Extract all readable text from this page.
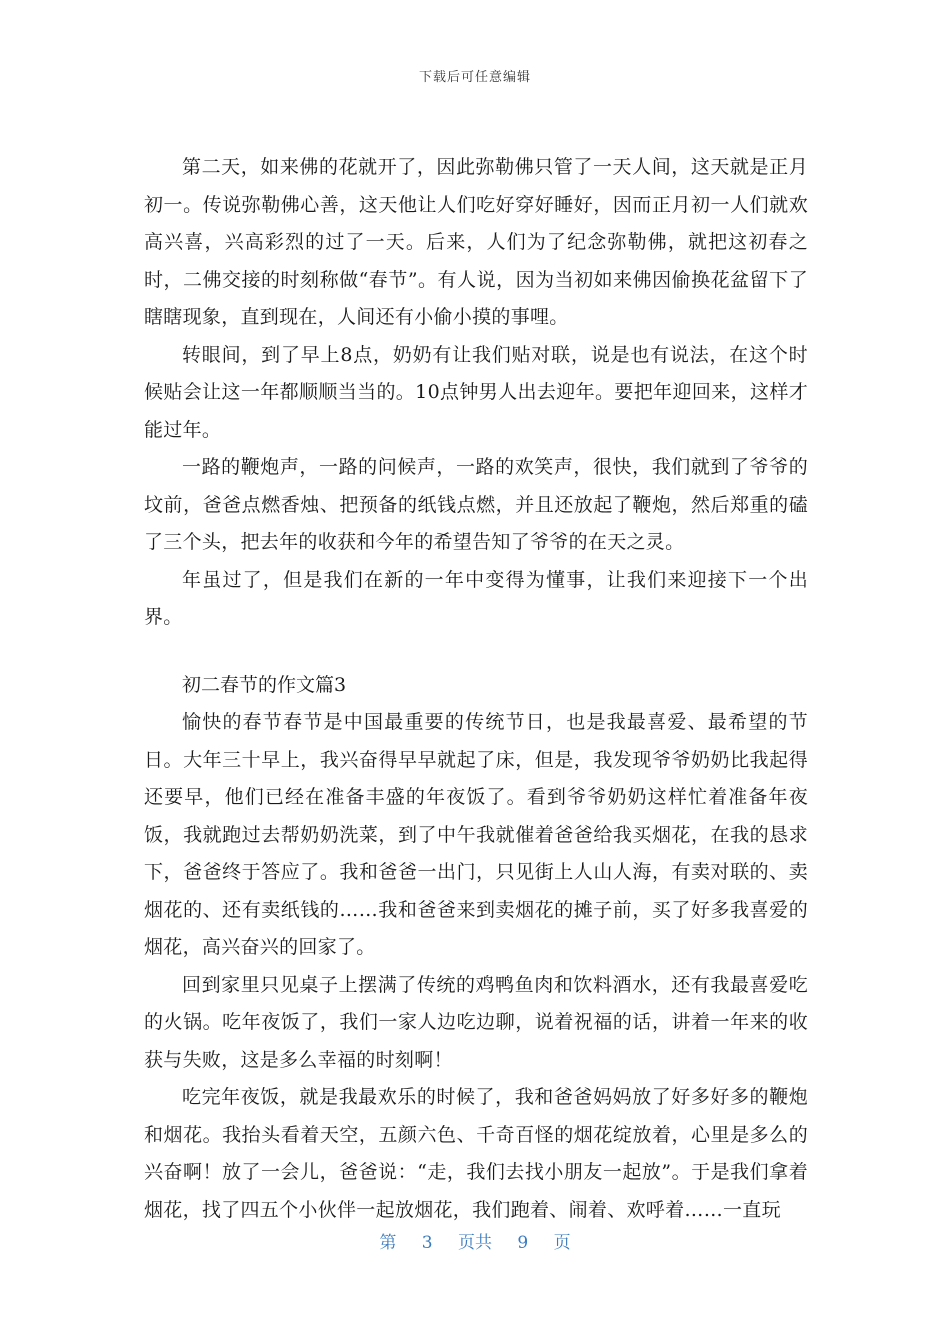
下载后可任意编辑

第二天，如来佛的花就开了，因此弥勒佛只管了一天人间，这天就是正月初一。传说弥勒佛心善，这天他让人们吃好穿好睡好，因而正月初一人们就欢高兴喜，兴高彩烈的过了一天。后来，人们为了纪念弥勒佛，就把这初春之时，二佛交接的时刻称做“春节”。有人说，因为当初如来佛因偷换花盆留下了瞎瞎现象，直到现在，人间还有小偷小摸的事哩。

转眼间，到了早上8点，奶奶有让我们贴对联，说是也有说法，在这个时候贴会让这一年都顺顺当当的。10点钟男人出去迎年。要把年迎回来，这样才能过年。

一路的鞭炮声，一路的问候声，一路的欢笑声，很快，我们就到了爷爷的坟前，爸爸点燃香烛、把预备的纸钱点燃，并且还放起了鞭炮，然后郑重的磕了三个头，把去年的收获和今年的希望告知了爷爷的在天之灵。

年虽过了，但是我们在新的一年中变得为懂事，让我们来迎接下一个出界。

初二春节的作文篇3

愉快的春节春节是中国最重要的传统节日，也是我最喜爱、最希望的节日。大年三十早上，我兴奋得早早就起了床，但是，我发现爷爷奶奶比我起得还要早，他们已经在准备丰盛的年夜饭了。看到爷爷奶奶这样忙着准备年夜饭，我就跑过去帮奶奶洗菜，到了中午我就催着爸爸给我买烟花，在我的恳求下，爸爸终于答应了。我和爸爸一出门，只见街上人山人海，有卖对联的、卖烟花的、还有卖纸钱的……我和爸爸来到卖烟花的摊子前，买了好多我喜爱的烟花，高兴奋兴的回家了。

回到家里只见桌子上摆满了传统的鸡鸭鱼肉和饮料酒水，还有我最喜爱吃的火锅。吃年夜饭了，我们一家人边吃边聊，说着祝福的话，讲着一年来的收获与失败，这是多么幸福的时刻啊！

吃完年夜饭，就是我最欢乐的时候了，我和爸爸妈妈放了好多好多的鞭炮和烟花。我抬头看着天空，五颜六色、千奇百怪的烟花绽放着，心里是多么的兴奋啊！放了一会儿，爸爸说：“走，我们去找小朋友一起放”。于是我们拿着烟花，找了四五个小伙伴一起放烟花，我们跑着、闹着、欢呼着……一直玩

第 3 页共 9 页
